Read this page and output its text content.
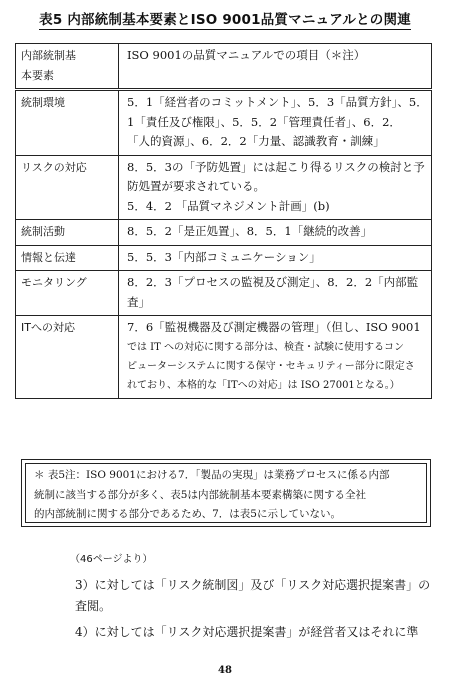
表5 内部統制基本要素とISO 9001品質マニュアルとの関連
内部統制基
本要素	ISO 9001の品質マニュアルでの項目（＊注）

統制環境	5．1「経営者のコミットメント」、5．3「品質方針」、5．
1「責任及び権限」、5．5．2「管理責任者」、6．2．
「人的資源」、6．2．2「力量、認識教育・訓練」

リスクの対応	8．5．3の「予防処置」には起こり得るリスクの検討と予
防処置が要求されている。
5．4．2 「品質マネジメント計画」(b)

統制活動	8．5．2「是正処置」、8．5．1「継続的改善」

情報と伝達	5．5．3「内部コミュニケーション」

モニタリング	8．2．3「プロセスの監視及び測定」、8．2．2「内部監
査」

ITへの対応	7．6「監視機器及び測定機器の管理」（但し、ISO 9001
では IT への対応に関する部分は、検査・試験に使用するコン
ピューターシステムに関する保守・セキュリティー部分に限定さ
れており、本格的な「ITへの対応」は ISO 27001となる。）
＊ 表5注：ISO 9001における7．「製品の実現」は業務プロセスに係る内部
統制に該当する部分が多く、表5は内部統制基本要素構築に関する全社
的内部統制に関する部分であるため、7．は表5に示していない。
（46ページより）
3）に対しては「リスク統制図」及び「リスク対応選択提案書」の
査閲。
4）に対しては「リスク対応選択提案書」が経営者又はそれに準
48
